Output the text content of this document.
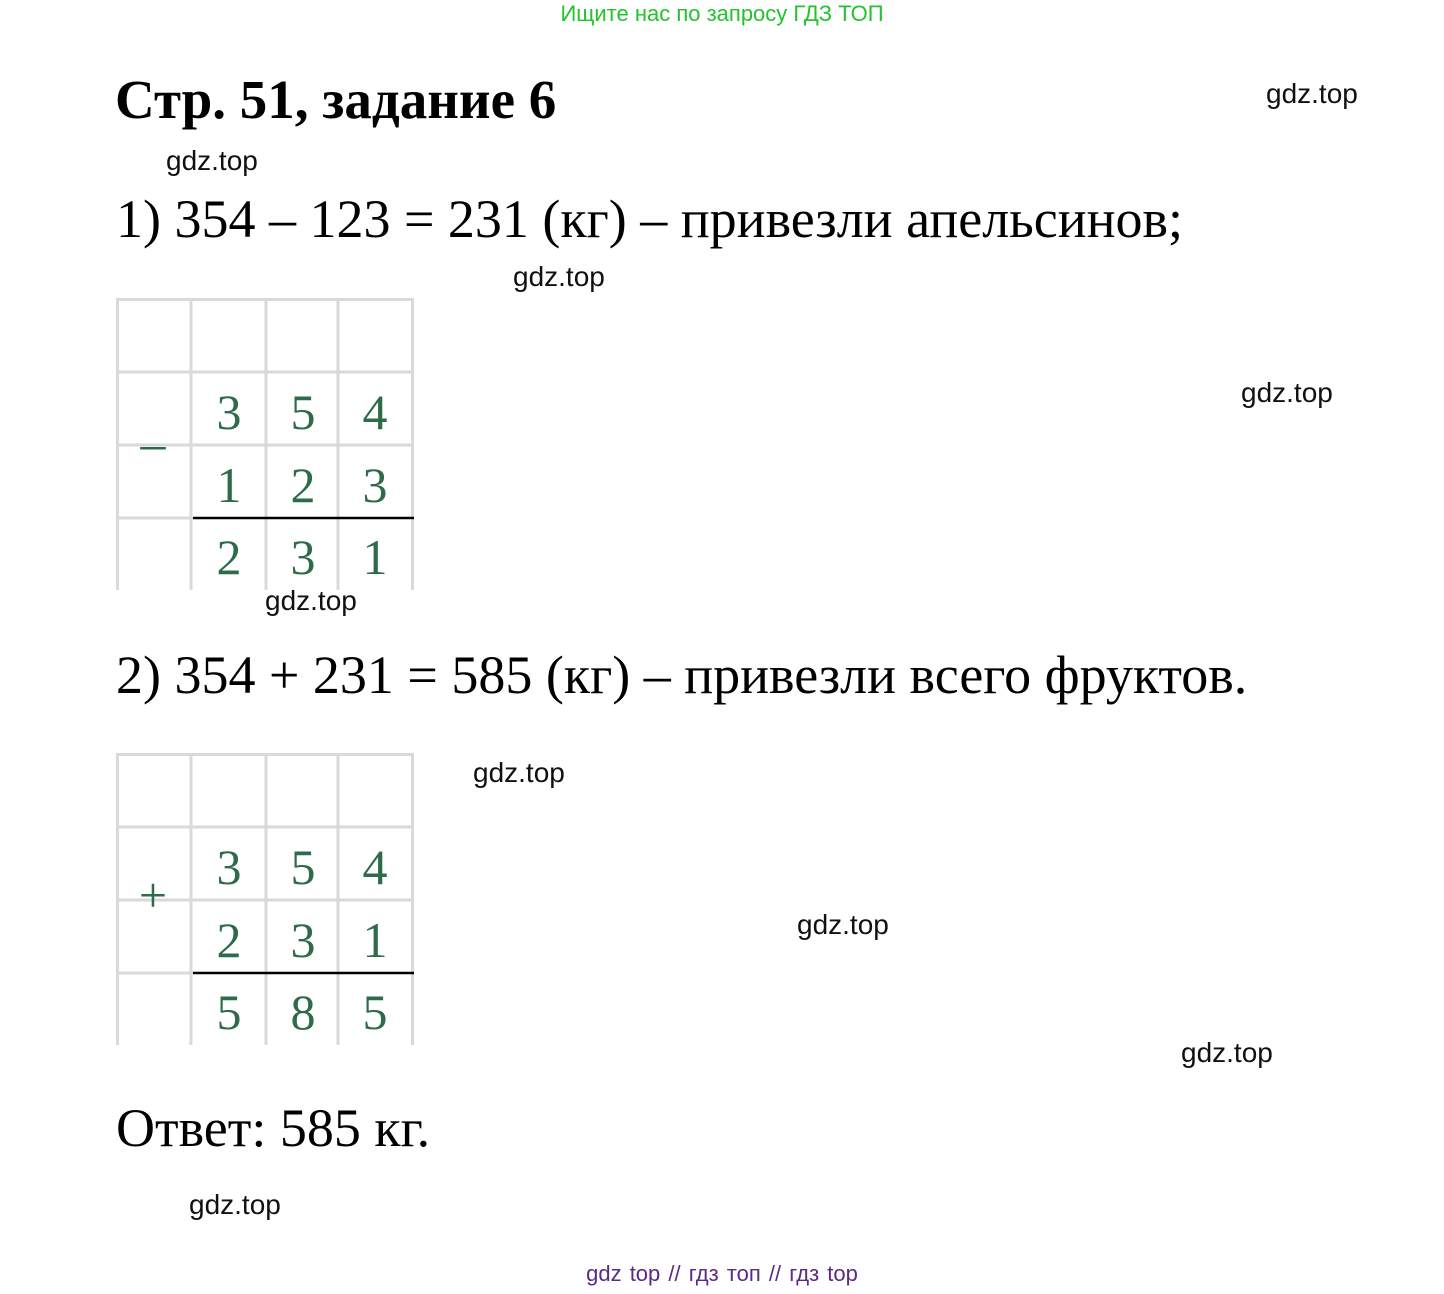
Ищите нас по запросу ГДЗ ТОП
Стр. 51, задание 6	gdz.top
gdz.top

1) 354 – 123 = 231 (кг) – привезли апельсинов;

gdz.top
–
3 5 4
1 2 3
2 3 1
gdz.top
gdz.top

2) 354 + 231 = 585 (кг) – привезли всего фруктов.

+ 3 5 4
2 3 1
5 8 5
gdz.top
gdz.top
gdz.top

Ответ: 585 кг.

gdz.top
gdz top // гдз топ // гдз top
